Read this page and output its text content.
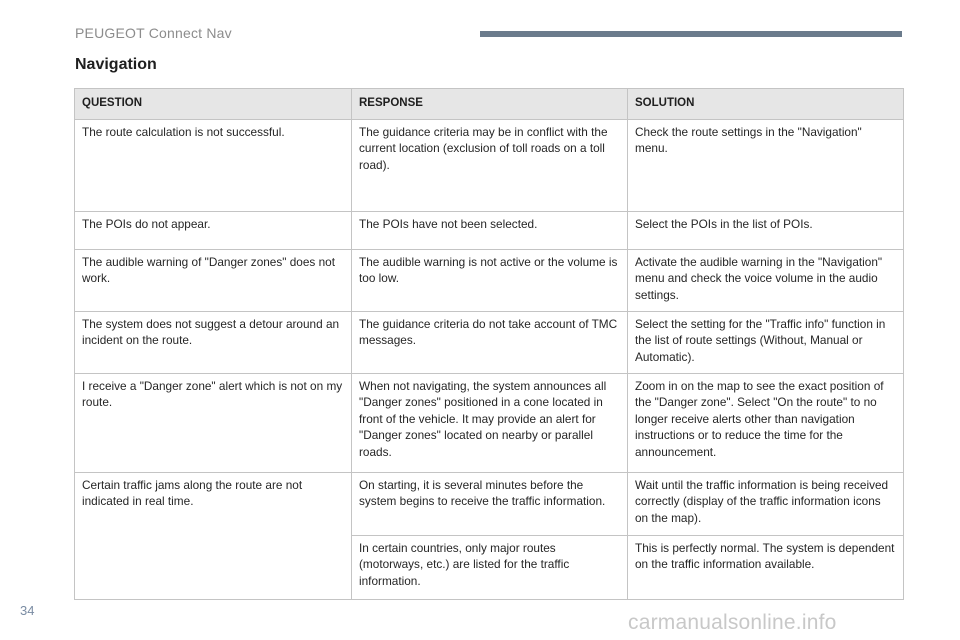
PEUGEOT Connect Nav
Navigation
QUESTION	RESPONSE	SOLUTION
The route calculation is not successful.	The guidance criteria may be in conflict with the current location (exclusion of toll roads on a toll road).	Check the route settings in the "Navigation" menu.
The POIs do not appear.	The POIs have not been selected.	Select the POIs in the list of POIs.
The audible warning of "Danger zones" does not work.	The audible warning is not active or the volume is too low.	Activate the audible warning in the "Navigation" menu and check the voice volume in the audio settings.
The system does not suggest a detour around an incident on the route.	The guidance criteria do not take account of TMC messages.	Select the setting for the "Traffic info" function in the list of route settings (Without, Manual or Automatic).
I receive a "Danger zone" alert which is not on my route.	When not navigating, the system announces all "Danger zones" positioned in a cone located in front of the vehicle. It may provide an alert for "Danger zones" located on nearby or parallel roads.	Zoom in on the map to see the exact position of the "Danger zone". Select "On the route" to no longer receive alerts other than navigation instructions or to reduce the time for the announcement.
Certain traffic jams along the route are not indicated in real time.	On starting, it is several minutes before the system begins to receive the traffic information.	Wait until the traffic information is being received correctly (display of the traffic information icons on the map).
	In certain countries, only major routes (motorways, etc.) are listed for the traffic information.	This is perfectly normal. The system is dependent on the traffic information available.
34
carmanualsonline.info
